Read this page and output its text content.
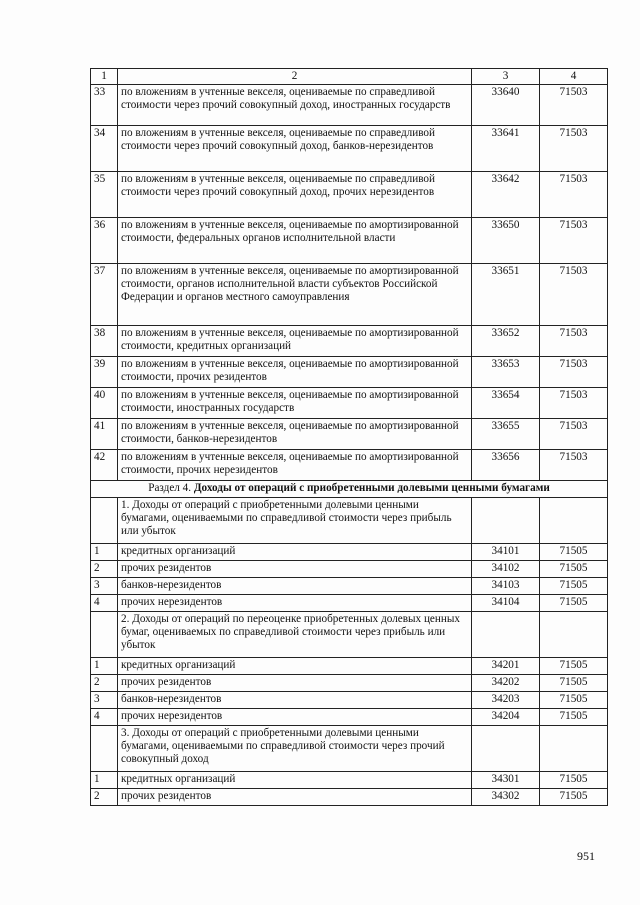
1	2	3	4
33	по вложениям в учтенные векселя, оцениваемые по справедливой стоимости через прочий совокупный доход, иностранных государств	33640	71503
34	по вложениям в учтенные векселя, оцениваемые по справедливой стоимости через прочий совокупный доход, банков-нерезидентов	33641	71503
35	по вложениям в учтенные векселя, оцениваемые по справедливой стоимости через прочий совокупный доход, прочих нерезидентов	33642	71503
36	по вложениям в учтенные векселя, оцениваемые по амортизированной стоимости, федеральных органов исполнительной власти	33650	71503
37	по вложениям в учтенные векселя, оцениваемые по амортизированной стоимости, органов исполнительной власти субъектов Российской Федерации и органов местного самоуправления	33651	71503
38	по вложениям в учтенные векселя, оцениваемые по амортизированной стоимости, кредитных организаций	33652	71503
39	по вложениям в учтенные векселя, оцениваемые по амортизированной стоимости, прочих резидентов	33653	71503
40	по вложениям в учтенные векселя, оцениваемые по амортизированной стоимости, иностранных государств	33654	71503
41	по вложениям в учтенные векселя, оцениваемые по амортизированной стоимости, банков-нерезидентов	33655	71503
42	по вложениям в учтенные векселя, оцениваемые по амортизированной стоимости, прочих нерезидентов	33656	71503
Раздел 4. Доходы от операций с приобретенными долевыми ценными бумагами			
	1. Доходы от операций с приобретенными долевыми ценными бумагами, оцениваемыми по справедливой стоимости через прибыль или убыток		
1	кредитных организаций	34101	71505
2	прочих резидентов	34102	71505
3	банков-нерезидентов	34103	71505
4	прочих нерезидентов	34104	71505
	2. Доходы от операций по переоценке приобретенных долевых ценных бумаг, оцениваемых по справедливой стоимости через прибыль или убыток		
1	кредитных организаций	34201	71505
2	прочих резидентов	34202	71505
3	банков-нерезидентов	34203	71505
4	прочих нерезидентов	34204	71505
	3. Доходы от операций с приобретенными долевыми ценными бумагами, оцениваемыми по справедливой стоимости через прочий совокупный доход		
1	кредитных организаций	34301	71505
2	прочих резидентов	34302	71505
951
